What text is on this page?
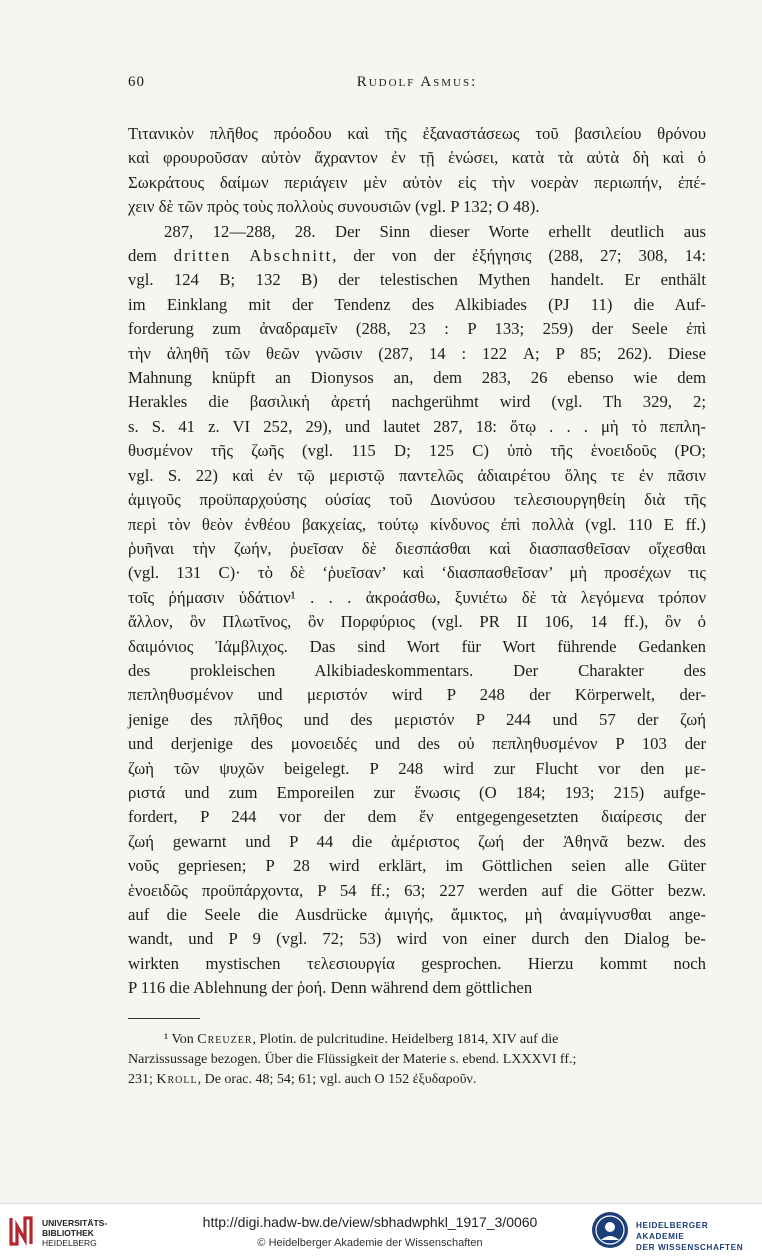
60	Rudolf Asmus:

Τιτανικὸν πλῆθος πρόοδου καὶ τῆς ἐξαναστάσεως τοῦ βασιλείου θρόνου

καὶ φρουροῦσαν αὐτὸν ἄχραντον ἐν τῇ ἑνώσει, κατὰ τὰ αὐτὰ δὴ καὶ ὁ

Σωκράτους δαίμων περιάγειν μὲν αὐτὸν εἰς τὴν νοερὰν περιωπήν, ἐπέ-

χειν δὲ τῶν πρὸς τοὺς πολλοὺς συνουσιῶν (vgl. P 132; O 48).

287, 12—288, 28. Der Sinn dieser Worte erhellt deutlich aus

dem dritten Abschnitt, der von der ἐξήγησις (288, 27; 308, 14:

vgl. 124 B; 132 B) der telestischen Mythen handelt. Er enthält

im Einklang mit der Tendenz des Alkibiades (PJ 11) die Auf-

forderung zum ἀναδραμεῖν (288, 23 : P 133; 259) der Seele ἐπὶ

τὴν ἀληθῆ τῶν θεῶν γνῶσιν (287, 14 : 122 A; P 85; 262). Diese

Mahnung knüpft an Dionysos an, dem 283, 26 ebenso wie dem

Herakles die βασιλικὴ ἀρετή nachgerühmt wird (vgl. Th 329, 2;

s. S. 41 z. VI 252, 29), und lautet 287, 18: ὅτῳ . . . μὴ τὸ πεπλη-

θυσμένον τῆς ζωῆς (vgl. 115 D; 125 C) ὑπὸ τῆς ἑνοειδοῦς (PO;

vgl. S. 22) καὶ ἐν τῷ μεριστῷ παντελῶς ἀδιαιρέτου ὅλης τε ἐν πᾶσιν

ἀμιγοῦς προϋπαρχούσης οὐσίας τοῦ Διονύσου τελεσιουργηθείη διὰ τῆς

περὶ τὸν θεὸν ἐνθέου βακχείας, τούτῳ κίνδυνος ἐπὶ πολλὰ (vgl. 110 E ff.)

ῥυῆναι τὴν ζωήν, ῥυεῖσαν δὲ διεσπάσθαι καὶ διασπασθεῖσαν οἴχεσθαι

(vgl. 131 C)· τὸ δὲ ‘ῥυεῖσαν’ καὶ ‘διασπασθεῖσαν’ μὴ προσέχων τις

τοῖς ῥήμασιν ὑδάτιον¹ . . . ἀκροάσθω, ξυνιέτω δὲ τὰ λεγόμενα τρόπον

ἄλλον, ὃν Πλωτῖνος, ὃν Πορφύριος (vgl. PR II 106, 14 ff.), ὃν ὁ

δαιμόνιος Ἰάμβλιχος. Das sind Wort für Wort führende Gedanken

des prokleischen Alkibiadeskommentars. Der Charakter des

πεπληθυσμένον und μεριστόν wird P 248 der Körperwelt, der-

jenige des πλῆθος und des μεριστόν P 244 und 57 der ζωή

und derjenige des μονοειδές und des οὐ πεπληθυσμένον P 103 der

ζωὴ τῶν ψυχῶν beigelegt. P 248 wird zur Flucht vor den με-

ριστά und zum Emporeilen zur ἕνωσις (O 184; 193; 215) aufge-

fordert, P 244 vor der dem ἕν entgegengesetzten διαίρεσις der

ζωή gewarnt und P 44 die ἀμέριστος ζωή der Ἀθηνᾶ bezw. des

νοῦς gepriesen; P 28 wird erklärt, im Göttlichen seien alle Güter

ἑνοειδῶς προϋπάρχοντα, P 54 ff.; 63; 227 werden auf die Götter bezw.

auf die Seele die Ausdrücke ἀμιγής, ἄμικτος, μὴ ἀναμίγνυσθαι ange-

wandt, und P 9 (vgl. 72; 53) wird von einer durch den Dialog be-

wirkten mystischen τελεσιουργία gesprochen. Hierzu kommt noch

P 116 die Ablehnung der ῥοή. Denn während dem göttlichen

¹ Von Creuzer, Plotin. de pulcritudine. Heidelberg 1814, XIV auf die

Narzissussage bezogen. Über die Flüssigkeit der Materie s. ebend. LXXXVI ff.;

231; Kroll, De orac. 48; 54; 61; vgl. auch O 152 ἐξυδαροῦν.

UNIVERSITÄTS-
BIBLIOTHEK
HEIDELBERG
http://digi.hadw-bw.de/view/sbhadwphkl_1917_3/0060
© Heidelberger Akademie der Wissenschaften
HEIDELBERGER AKADEMIE
DER WISSENSCHAFTEN
